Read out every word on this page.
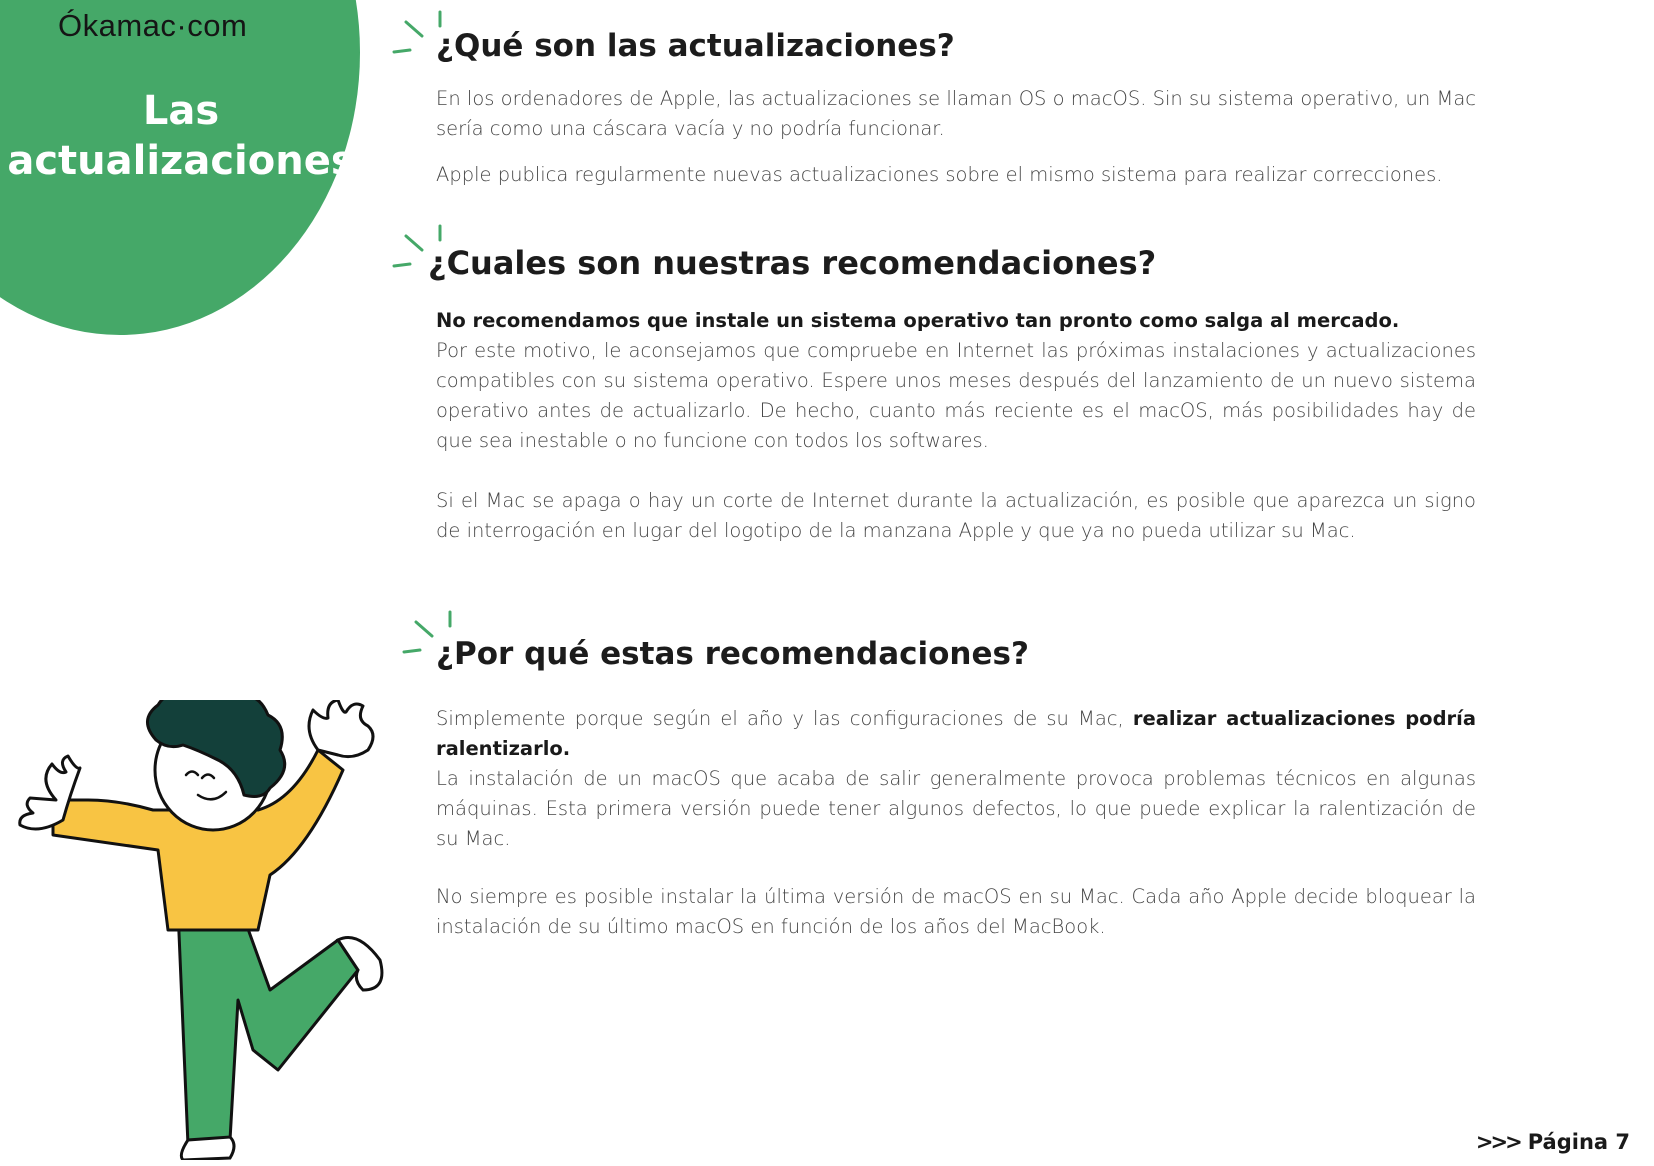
Ókamac·com
Las
actualizaciones
¿Qué son las actualizaciones?

En los ordenadores de Apple, las actualizaciones se llaman OS o macOS. Sin su sistema operativo, un Mac sería como una cáscara vacía y no podría funcionar.

Apple publica regularmente nuevas actualizaciones sobre el mismo sistema para realizar correcciones.

¿Cuales son nuestras recomendaciones?

No recomendamos que instale un sistema operativo tan pronto como salga al mercado.
Por este motivo, le aconsejamos que compruebe en Internet las próximas instalaciones y actualizaciones compatibles con su sistema operativo. Espere unos meses después del lanzamiento de un nuevo sistema operativo antes de actualizarlo. De hecho, cuanto más reciente es el macOS, más posibilidades hay de que sea inestable o no funcione con todos los softwares.

Si el Mac se apaga o hay un corte de Internet durante la actualización, es posible que aparezca un signo de interrogación en lugar del logotipo de la manzana Apple y que ya no pueda utilizar su Mac.

¿Por qué estas recomendaciones?

Simplemente porque según el año y las configuraciones de su Mac, realizar actualizaciones podría ralentizarlo.
La instalación de un macOS que acaba de salir generalmente provoca problemas técnicos en algunas máquinas. Esta primera versión puede tener algunos defectos, lo que puede explicar la ralentización de su Mac.

No siempre es posible instalar la última versión de macOS en su Mac. Cada año Apple decide bloquear la instalación de su último macOS en función de los años del MacBook.

>>> Página 7
